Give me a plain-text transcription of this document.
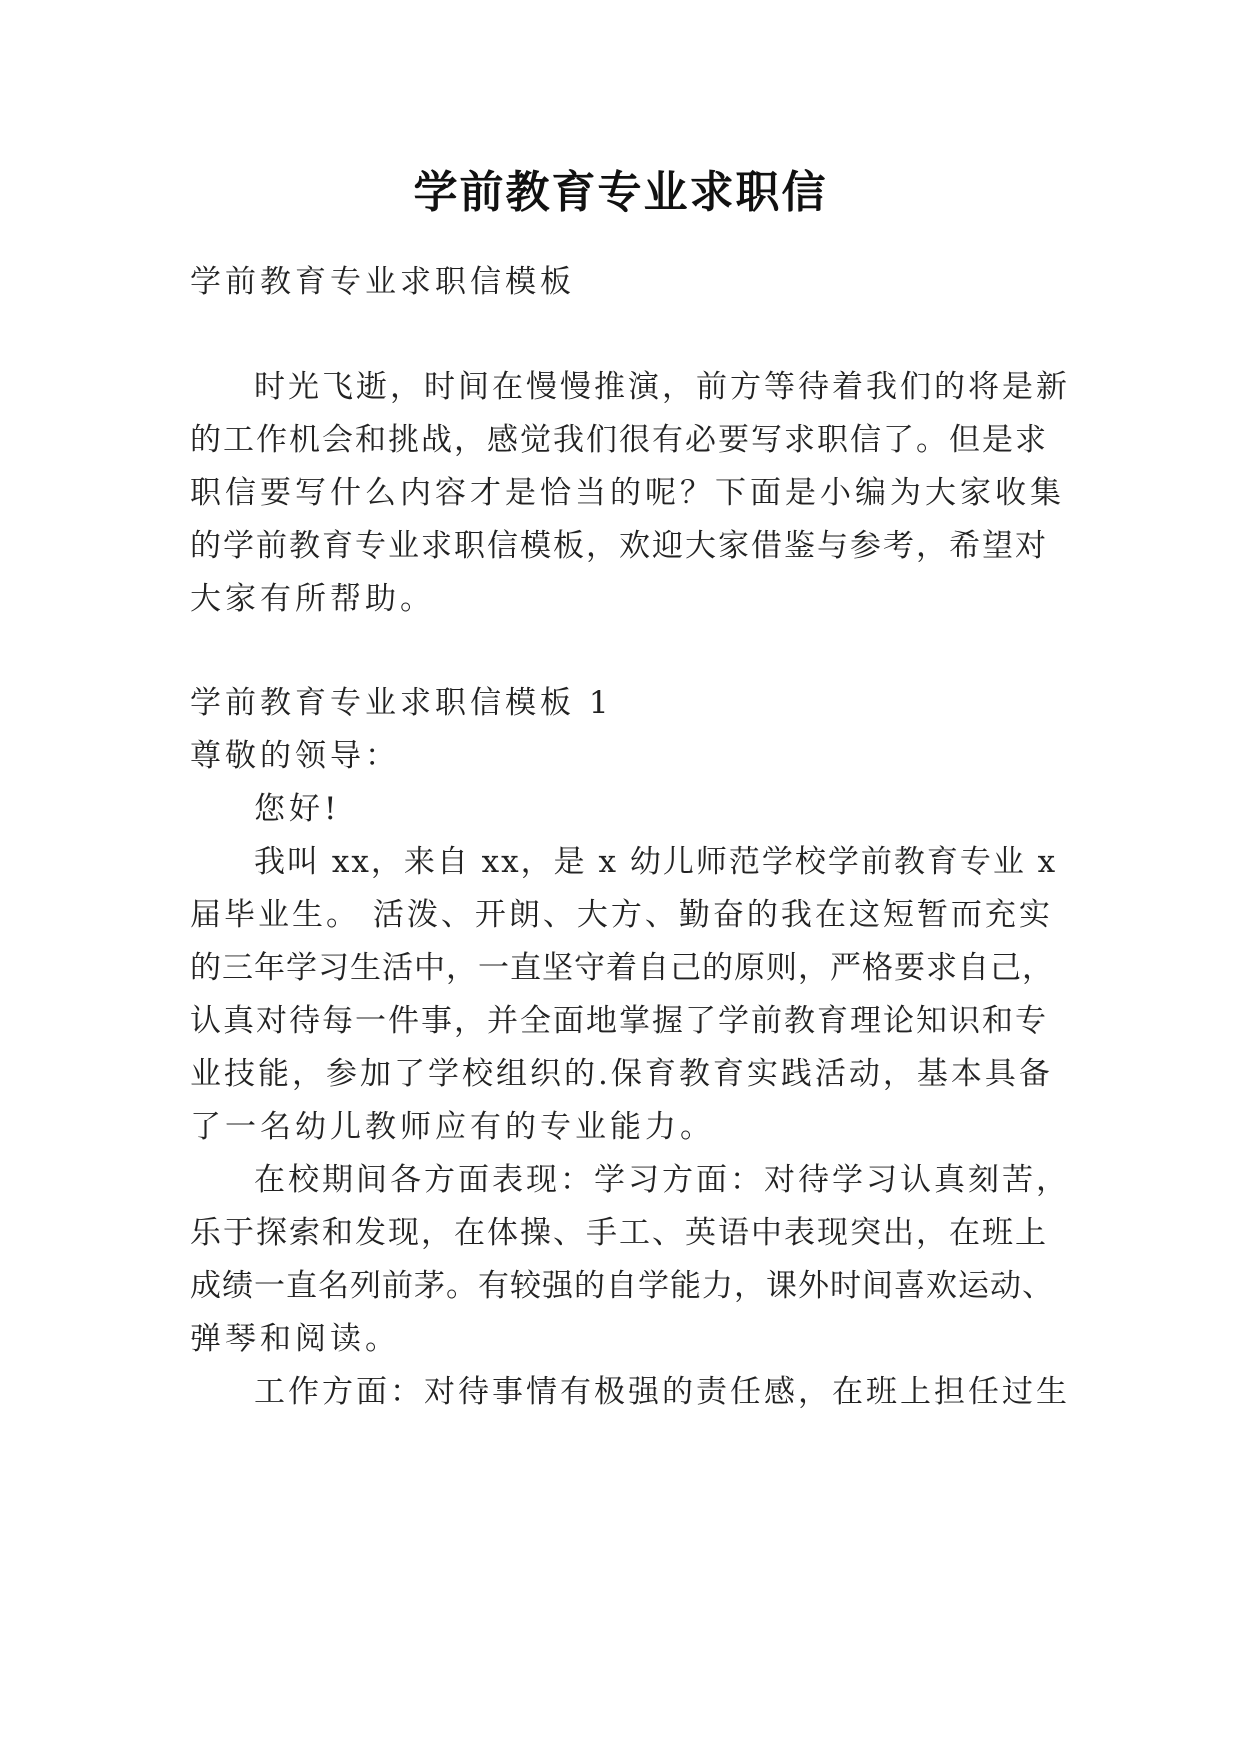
学前教育专业求职信
学前教育专业求职信模板
时光飞逝，时间在慢慢推演，前方等待着我们的将是新
的工作机会和挑战，感觉我们很有必要写求职信了。但是求
职信要写什么内容才是恰当的呢？下面是小编为大家收集
的学前教育专业求职信模板，欢迎大家借鉴与参考，希望对
大家有所帮助。
学前教育专业求职信模板 1
尊敬的领导：
您好!
我叫 xx，来自 xx，是 x 幼儿师范学校学前教育专业 x
届毕业生。 活泼、开朗、大方、勤奋的我在这短暂而充实
的三年学习生活中，一直坚守着自己的原则，严格要求自己，
认真对待每一件事，并全面地掌握了学前教育理论知识和专
业技能，参加了学校组织的.保育教育实践活动，基本具备
了一名幼儿教师应有的专业能力。
在校期间各方面表现：学习方面：对待学习认真刻苦，
乐于探索和发现，在体操、手工、英语中表现突出，在班上
成绩一直名列前茅。有较强的自学能力，课外时间喜欢运动、
弹琴和阅读。
工作方面：对待事情有极强的责任感，在班上担任过生
